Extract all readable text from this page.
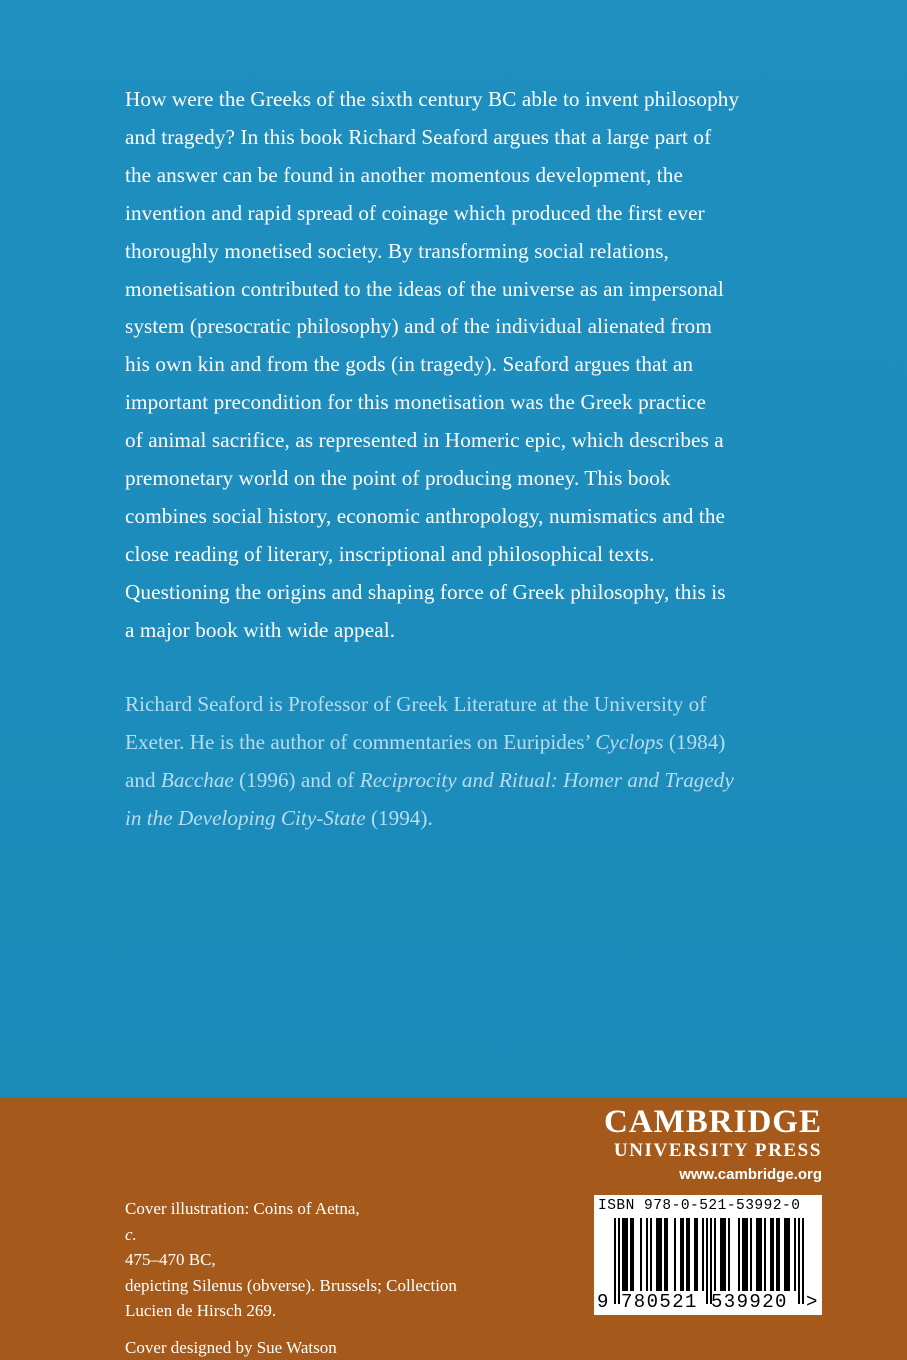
How were the Greeks of the sixth century BC able to invent philosophy
and tragedy? In this book Richard Seaford argues that a large part of
the answer can be found in another momentous development, the
invention and rapid spread of coinage which produced the first ever
thoroughly monetised society. By transforming social relations,
monetisation contributed to the ideas of the universe as an impersonal
system (presocratic philosophy) and of the individual alienated from
his own kin and from the gods (in tragedy). Seaford argues that an
important precondition for this monetisation was the Greek practice
of animal sacrifice, as represented in Homeric epic, which describes a
premonetary world on the point of producing money. This book
combines social history, economic anthropology, numismatics and the
close reading of literary, inscriptional and philosophical texts.
Questioning the origins and shaping force of Greek philosophy, this is
a major book with wide appeal.
Richard Seaford is Professor of Greek Literature at the University of
Exeter. He is the author of commentaries on Euripides’ Cyclops (1984)
and Bacchae (1996) and of Reciprocity and Ritual: Homer and Tragedy
in the Developing City-State (1994).
CAMBRIDGE
UNIVERSITY PRESS
www.cambridge.org
Cover illustration: Coins of Aetna,
c.
475–470 BC,
depicting Silenus (obverse). Brussels; Collection
Lucien de Hirsch 269.
Cover designed by Sue Watson
ISBN 978-0-521-53992-0
9 780521 539920 >
